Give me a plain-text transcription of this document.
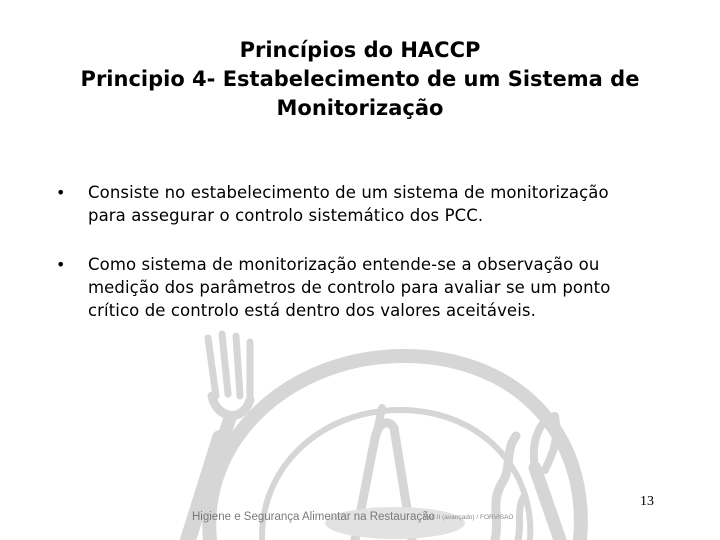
Princípios do HACCP
Principio 4- Estabelecimento de um Sistema de
Monitorização
• Consiste no estabelecimento de um sistema de monitorização
para assegurar o controlo sistemático dos PCC.
• Como sistema de monitorização entende-se a observação ou
medição dos parâmetros de controlo para avaliar se um ponto
crítico de controlo está dentro dos valores aceitáveis.
13
Higiene e Segurança Alimentar na Restauração
Vol. II (avançado) / FORVISAO
